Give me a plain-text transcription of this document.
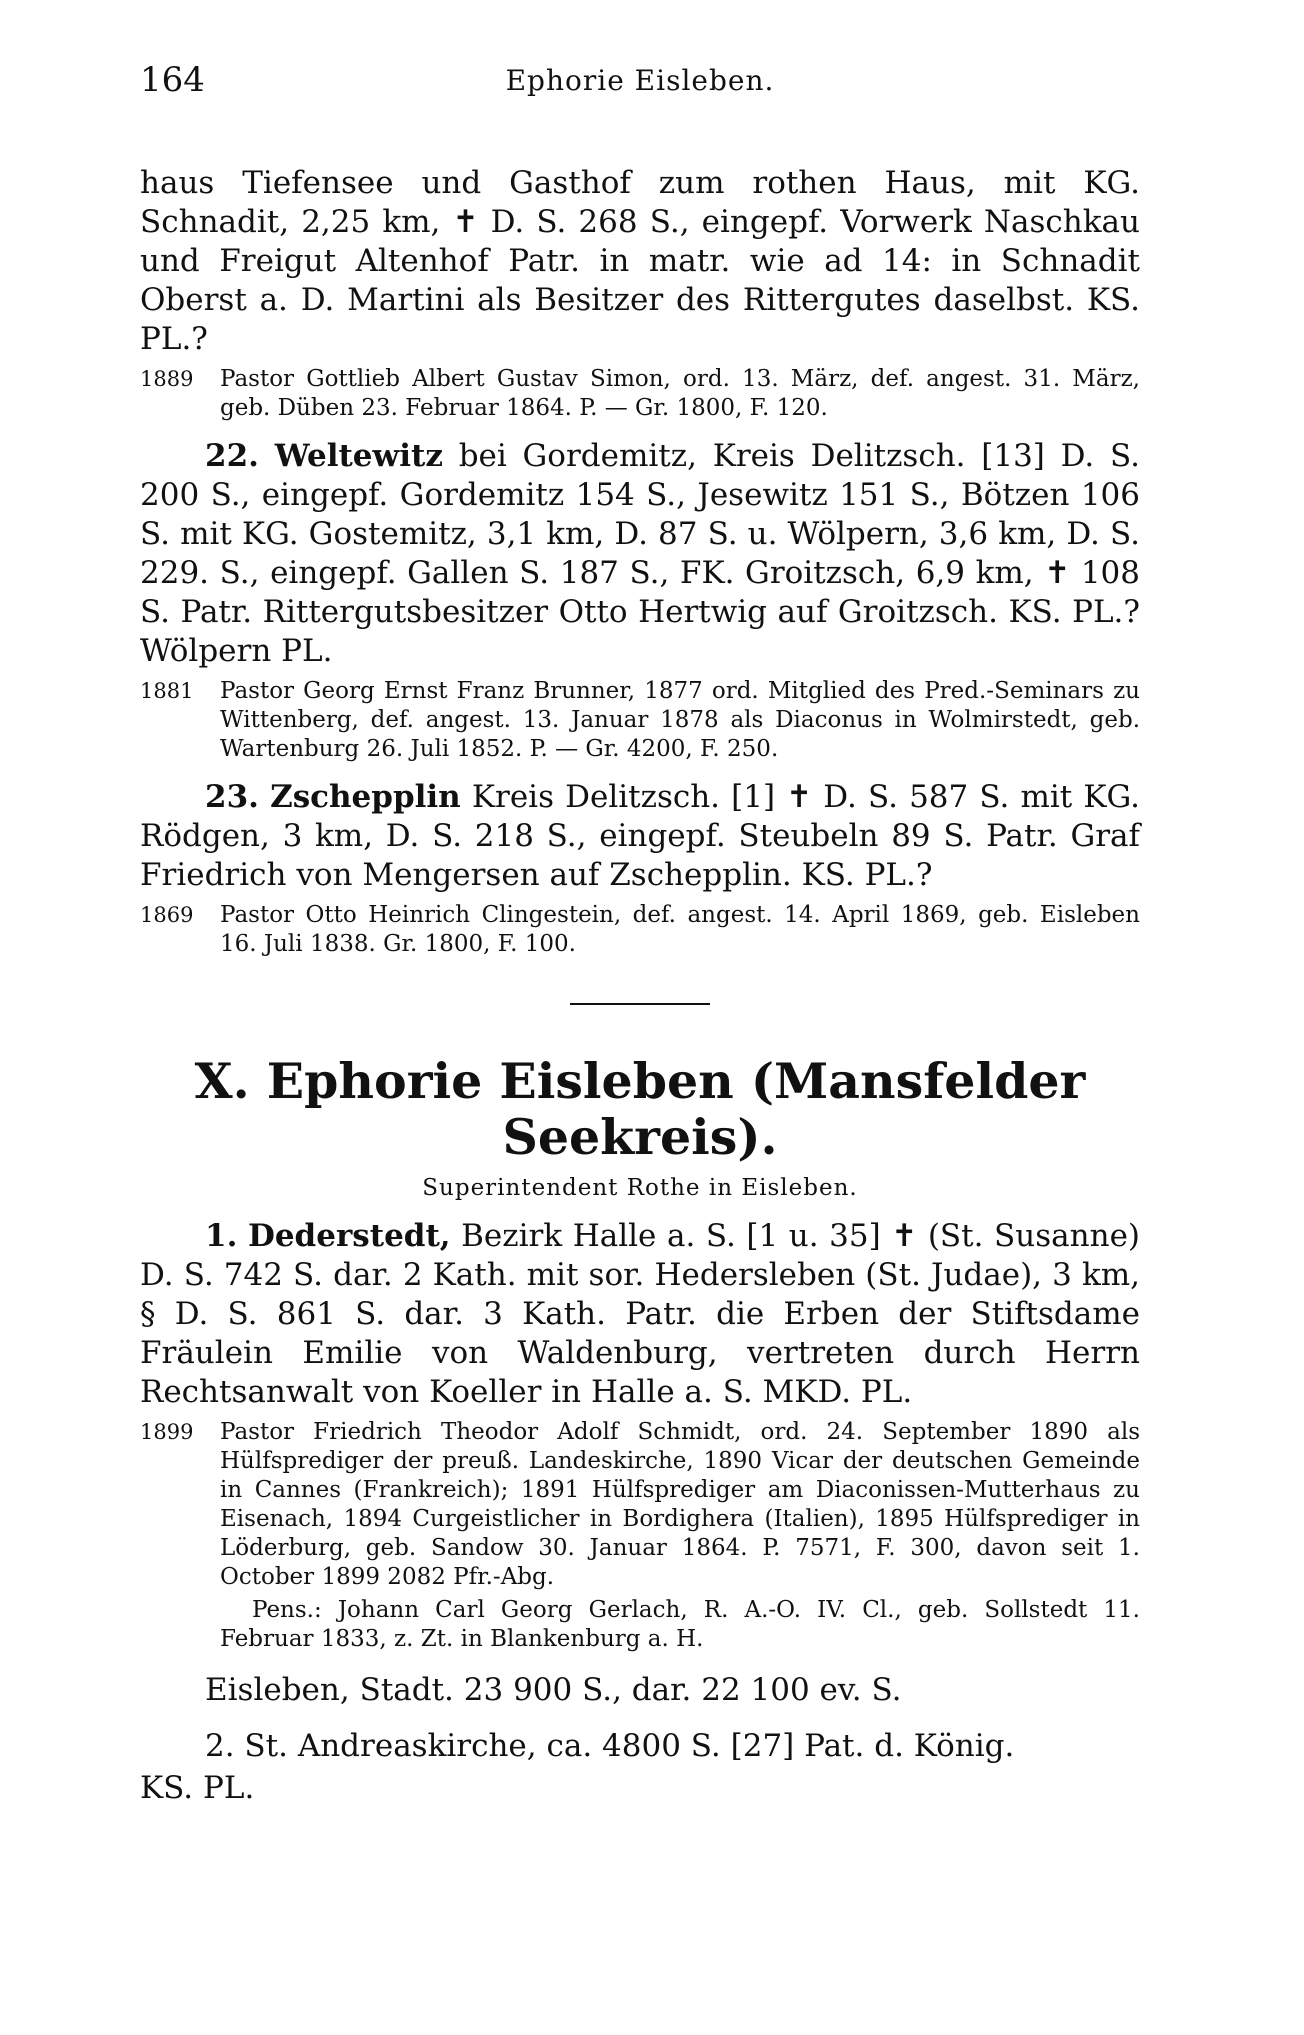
164	Ephorie Eisleben.

haus Tiefensee und Gasthof zum rothen Haus, mit KG. Schnadit, 2,25 km, ✝ D. S. 268 S., eingepf. Vorwerk Naschkau und Freigut Altenhof Patr. in matr. wie ad 14: in Schnadit Oberst a. D. Martini als Besitzer des Rittergutes daselbst. KS. PL.?

1889 Pastor Gottlieb Albert Gustav Simon, ord. 13. März, def. angest. 31. März, geb. Düben 23. Februar 1864. P. — Gr. 1800, F. 120.

22. Weltewitz bei Gordemitz, Kreis Delitzsch. [13] D. S. 200 S., eingepf. Gordemitz 154 S., Jesewitz 151 S., Bötzen 106 S. mit KG. Gostemitz, 3,1 km, D. 87 S. u. Wölpern, 3,6 km, D. S. 229. S., eingepf. Gallen S. 187 S., FK. Groitzsch, 6,9 km, ✝ 108 S. Patr. Rittergutsbesitzer Otto Hertwig auf Groitzsch. KS. PL.? Wölpern PL.

1881 Pastor Georg Ernst Franz Brunner, 1877 ord. Mitglied des Pred.-Seminars zu Wittenberg, def. angest. 13. Januar 1878 als Diaconus in Wolmirstedt, geb. Wartenburg 26. Juli 1852. P. — Gr. 4200, F. 250.

23. Zschepplin Kreis Delitzsch. [1] ✝ D. S. 587 S. mit KG. Rödgen, 3 km, D. S. 218 S., eingepf. Steubeln 89 S. Patr. Graf Friedrich von Mengersen auf Zschepplin. KS. PL.?

1869 Pastor Otto Heinrich Clingestein, def. angest. 14. April 1869, geb. Eisleben 16. Juli 1838. Gr. 1800, F. 100.
X. Ephorie Eisleben (Mansfelder Seekreis).
Superintendent Rothe in Eisleben.

1. Dederstedt, Bezirk Halle a. S. [1 u. 35] ✝ (St. Susanne) D. S. 742 S. dar. 2 Kath. mit sor. Hedersleben (St. Judae), 3 km, § D. S. 861 S. dar. 3 Kath. Patr. die Erben der Stiftsdame Fräulein Emilie von Waldenburg, vertreten durch Herrn Rechtsanwalt von Koeller in Halle a. S. MKD. PL.

1899 Pastor Friedrich Theodor Adolf Schmidt, ord. 24. September 1890 als Hülfsprediger der preuß. Landeskirche, 1890 Vicar der deutschen Gemeinde in Cannes (Frankreich); 1891 Hülfsprediger am Diaconissen-Mutterhaus zu Eisenach, 1894 Curgeistlicher in Bordighera (Italien), 1895 Hülfsprediger in Löderburg, geb. Sandow 30. Januar 1864. P. 7571, F. 300, davon seit 1. October 1899 2082 Pfr.-Abg.
Pens.: Johann Carl Georg Gerlach, R. A.-O. IV. Cl., geb. Sollstedt 11. Februar 1833, z. Zt. in Blankenburg a. H.
Eisleben, Stadt. 23 900 S., dar. 22 100 ev. S.
2. St. Andreaskirche, ca. 4800 S. [27] Pat. d. König.
KS. PL.
